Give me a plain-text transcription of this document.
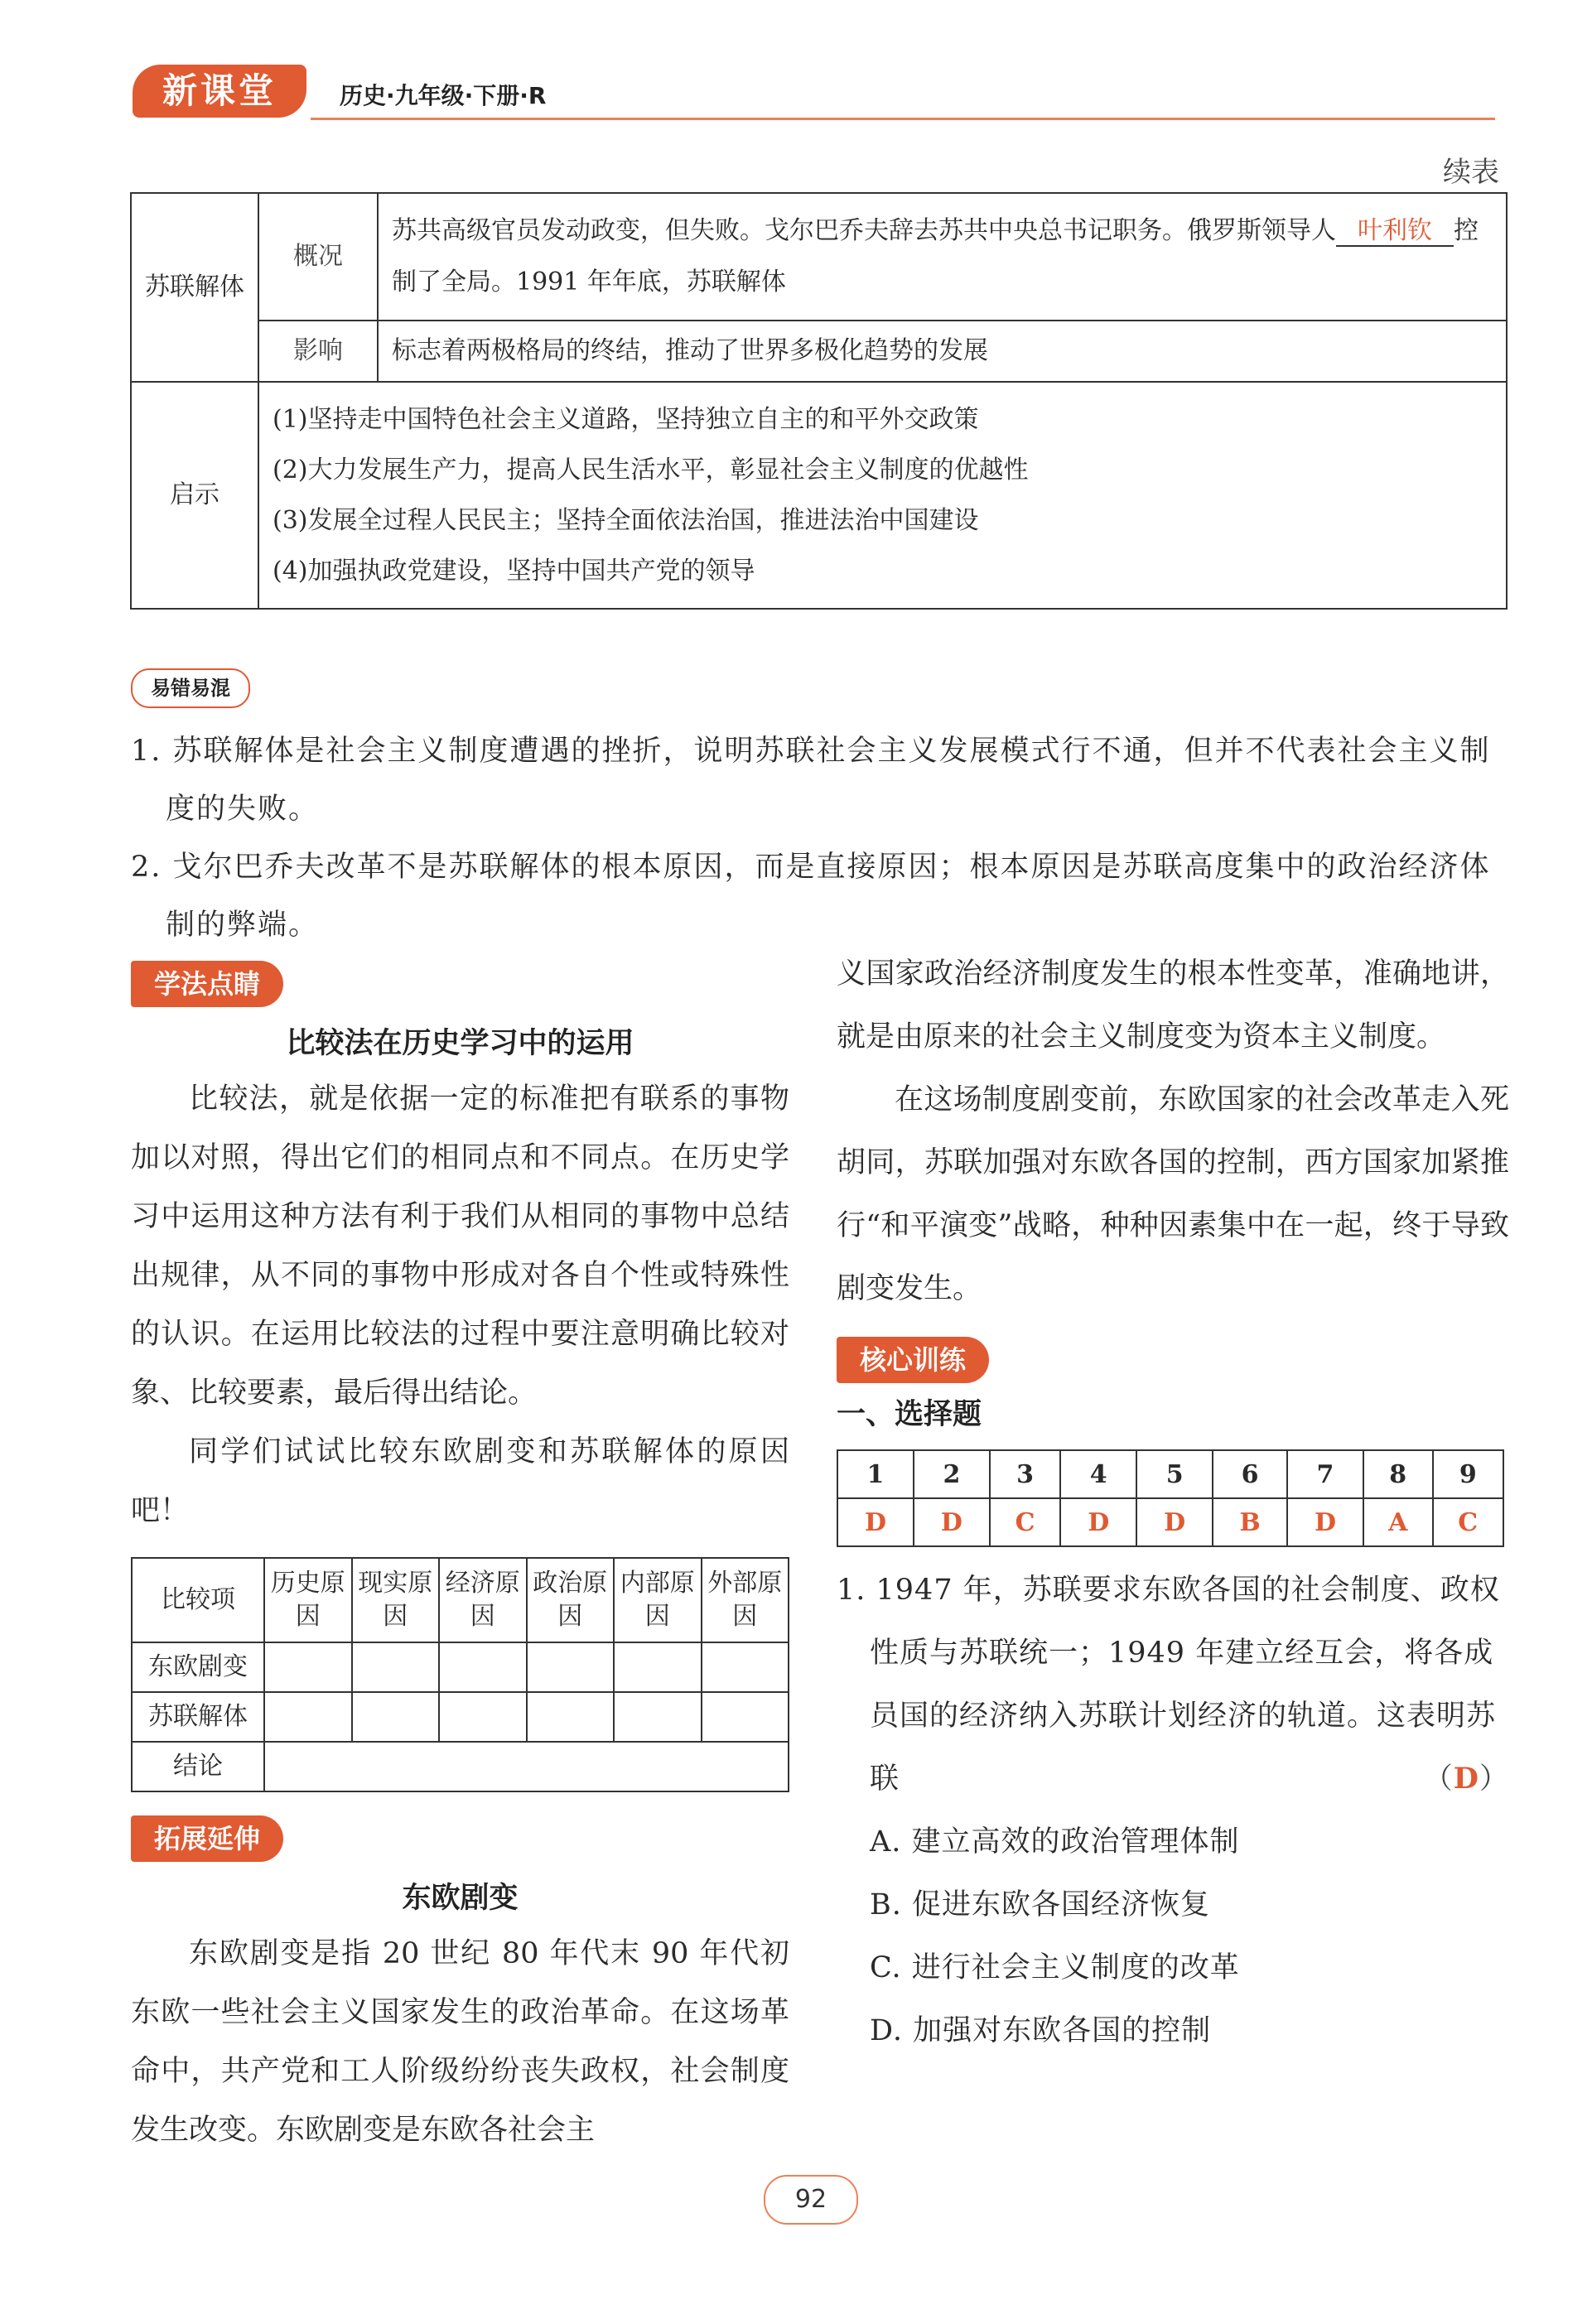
新课堂	历史·九年级·下册·R
续表
苏联解体	概况	苏共高级官员发动政变，但失败。戈尔巴乔夫辞去苏共中央总书记职务。俄罗斯领导人 叶利钦 控制了全局。1991 年年底，苏联解体
	影响	标志着两极格局的终结，推动了世界多极化趋势的发展
启示	(1)坚持走中国特色社会主义道路，坚持独立自主的和平外交政策
(2)大力发展生产力，提高人民生活水平，彰显社会主义制度的优越性
(3)发展全过程人民民主；坚持全面依法治国，推进法治中国建设
(4)加强执政党建设，坚持中国共产党的领导	
易错易混
1. 苏联解体是社会主义制度遭遇的挫折，说明苏联社会主义发展模式行不通，但并不代表社会主义制度的失败。
2. 戈尔巴乔夫改革不是苏联解体的根本原因，而是直接原因；根本原因是苏联高度集中的政治经济体制的弊端。
学法点睛
比较法在历史学习中的运用

比较法，就是依据一定的标准把有联系的事物加以对照，得出它们的相同点和不同点。在历史学习中运用这种方法有利于我们从相同的事物中总结出规律，从不同的事物中形成对各自个性或特殊性的认识。在运用比较法的过程中要注意明确比较对象、比较要素，最后得出结论。

同学们试试比较东欧剧变和苏联解体的原因吧！

比较项	历史原因	现实原因	经济原因	政治原因	内部原因	外部原因
东欧剧变						
苏联解体						
结论						
拓展延伸
东欧剧变

东欧剧变是指 20 世纪 80 年代末 90 年代初东欧一些社会主义国家发生的政治革命。在这场革命中，共产党和工人阶级纷纷丧失政权，社会制度发生改变。东欧剧变是东欧各社会主

义国家政治经济制度发生的根本性变革，准确地讲，就是由原来的社会主义制度变为资本主义制度。

在这场制度剧变前，东欧国家的社会改革走入死胡同，苏联加强对东欧各国的控制，西方国家加紧推行“和平演变”战略，种种因素集中在一起，终于导致剧变发生。

核心训练
一、选择题
1	2	3	4	5	6	7	8	9
D	D	C	D	D	B	D	A	C
1. 1947 年，苏联要求东欧各国的社会制度、政权性质与苏联统一；1949 年建立经互会，将各成员国的经济纳入苏联计划经济的轨道。这表明苏联	（D）
A. 建立高效的政治管理体制
B. 促进东欧各国经济恢复
C. 进行社会主义制度的改革
D. 加强对东欧各国的控制
92
